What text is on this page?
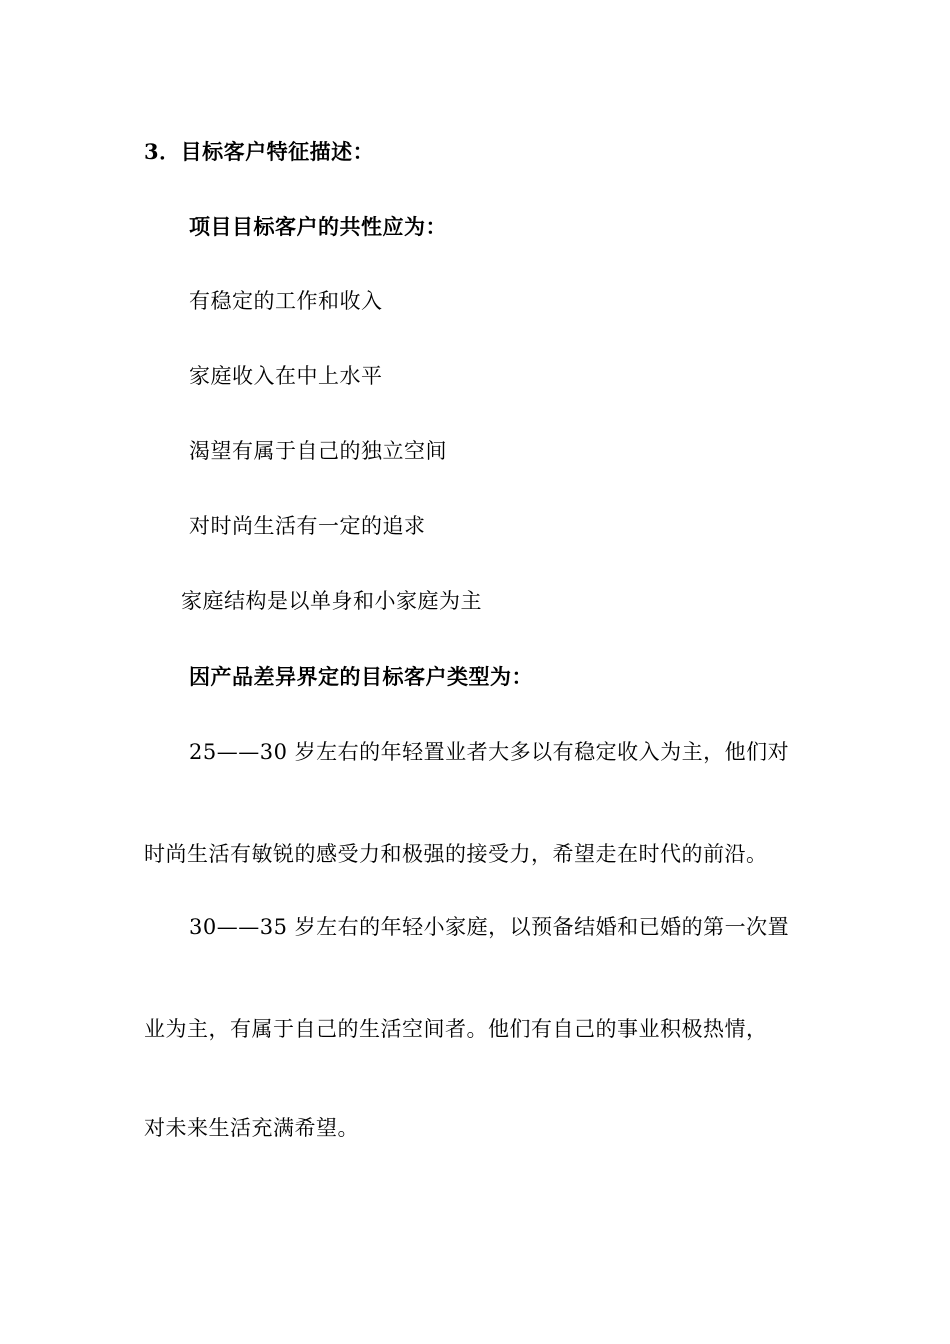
3．目标客户特征描述：
项目目标客户的共性应为：
有稳定的工作和收入
家庭收入在中上水平
渴望有属于自己的独立空间
对时尚生活有一定的追求
家庭结构是以单身和小家庭为主
因产品差异界定的目标客户类型为：
25——30 岁左右的年轻置业者大多以有稳定收入为主，他们对
时尚生活有敏锐的感受力和极强的接受力，希望走在时代的前沿。
30——35 岁左右的年轻小家庭，以预备结婚和已婚的第一次置
业为主，有属于自己的生活空间者。他们有自己的事业积极热情，
对未来生活充满希望。
